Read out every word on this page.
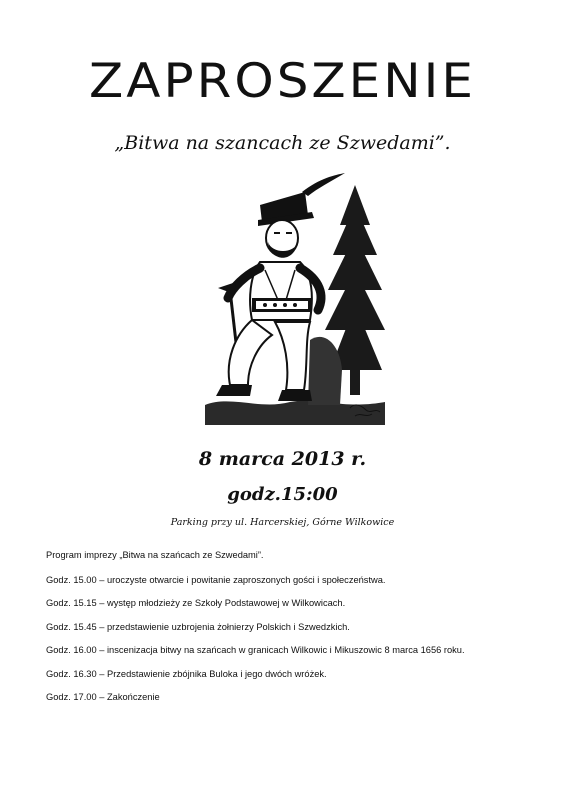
ZAPROSZENIE
„Bitwa na szancach ze Szwedami”.
8 marca 2013 r.
godz.15:00
Parking przy ul. Harcerskiej, Górne Wilkowice

Program imprezy „Bitwa na szańcach ze Szwedami”.

Godz. 15.00 – uroczyste otwarcie i powitanie zaproszonych gości i społeczeństwa.

Godz. 15.15 – występ młodzieży ze Szkoły Podstawowej w Wilkowicach.

Godz. 15.45 – przedstawienie uzbrojenia żołnierzy Polskich i Szwedzkich.

Godz. 16.00 – inscenizacja bitwy na szańcach w granicach Wilkowic i Mikuszowic 8 marca 1656 roku.

Godz. 16.30 – Przedstawienie zbójnika Buloka i jego dwóch wróżek.

Godz. 17.00 – Zakończenie
